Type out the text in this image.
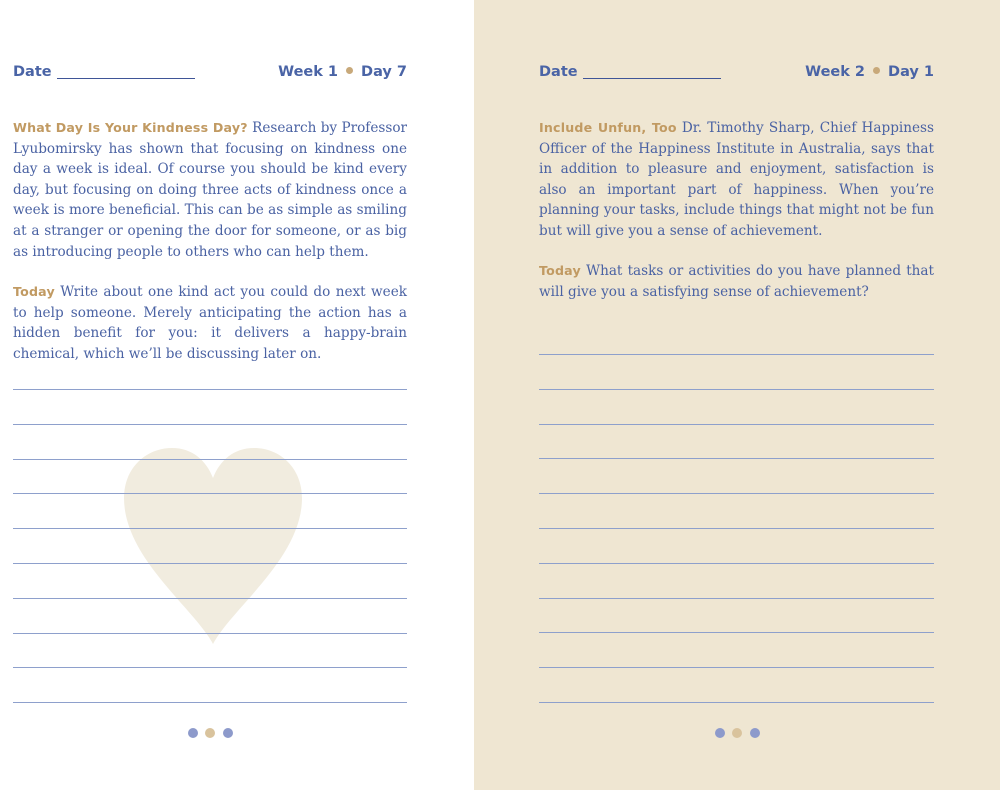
Date	Week 1 Day 7

What Day Is Your Kindness Day? Research by Professor Lyubomirsky has shown that focusing on kindness one day a week is ideal. Of course you should be kind every day, but focusing on doing three acts of kindness once a week is more beneficial. This can be as simple as smiling at a stranger or opening the door for someone, or as big as introducing people to others who can help them.

Today Write about one kind act you could do next week to help someone. Merely anticipating the action has a hidden benefit for you: it delivers a happy-brain chemical, which we’ll be discussing later on.

Date	Week 2 Day 1

Include Unfun, Too Dr. Timothy Sharp, Chief Happiness Officer of the Happiness Institute in Australia, says that in addition to pleasure and enjoyment, satisfaction is also an important part of happiness. When you’re planning your tasks, include things that might not be fun but will give you a sense of achievement.

Today What tasks or activities do you have planned that will give you a satisfying sense of achievement?
